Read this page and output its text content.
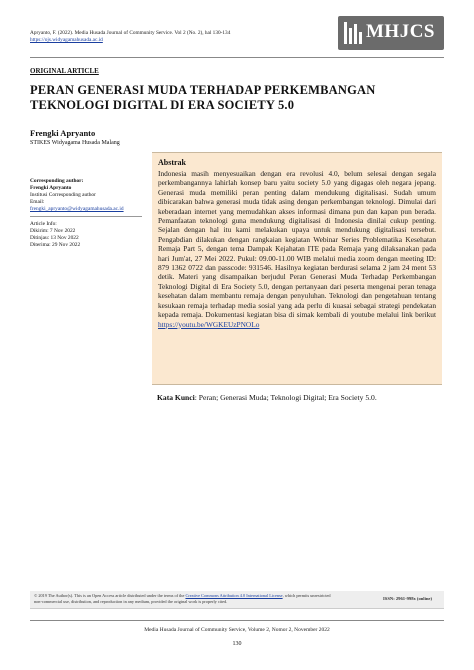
Apryanto, F. (2022). Media Husada Journal of Community Service. Vol 2 (No. 2), hal 130-134
https://ojs.widyagamahusada.ac.id	MHJCS
ORIGINAL ARTICLE
PERAN GENERASI MUDA TERHADAP PERKEMBANGAN TEKNOLOGI DIGITAL DI ERA SOCIETY 5.0
Frengki Apryanto
STIKES Widyagama Husada Malang
Corresponding author:
Frengki Apryanto
Institusi Corresponding author
Email:
frengki_apryanto@widyagamahusada.ac.id
Article Info:
Dikirim: 7 Nov 2022
Ditinjau: 13 Nov 2022
Diterima: 29 Nov 2022
Abstrak
Indonesia masih menyesuaikan dengan era revolusi 4.0, belum selesai dengan segala perkembangannya lahirlah konsep baru yaitu society 5.0 yang digagas oleh negara jepang. Generasi muda memiliki peran penting dalam mendukung digitalisasi. Sudah umum dibicarakan bahwa generasi muda tidak asing dengan perkembangan teknologi. Dimulai dari keberadaan internet yang memudahkan akses informasi dimana pun dan kapan pun berada. Pemanfaatan teknologi guna mendukung digitalisasi di Indonesia dinilai cukup penting. Sejalan dengan hal itu kami melakukan upaya untuk mendukung digitalisasi tersebut. Pengabdian dilakukan dengan rangkaian kegiatan Webinar Series Problematika Kesehatan Remaja Part 5, dengan tema Dampak Kejahatan ITE pada Remaja yang dilaksanakan pada hari Jum'at, 27 Mei 2022. Pukul: 09.00-11.00 WIB melalui media zoom dengan meeting ID: 879 1362 0722 dan passcode: 931546. Hasilnya kegiatan berdurasi selama 2 jam 24 ment 53 detik. Materi yang disampaikan berjudul Peran Generasi Muda Terhadap Perkembangan Teknologi Digital di Era Society 5.0, dengan pertanyaan dari peserta mengenai peran tenaga kesehatan dalam membantu remaja dengan penyuluhan. Teknologi dan pengetahuan tentang kesukaan remaja terhadap media sosial yang ada perlu di kuasai sebagai strategi pendekatan kepada remaja. Dokumentasi kegiatan bisa di simak kembali di youtube melalui link berikut https://youtu.be/WGKEUzPNOLo
Kata Kunci: Peran; Generasi Muda; Teknologi Digital; Era Society 5.0.
© 2019 The Author(s). This is an Open Access article distributed under the terms of the Creative Commons Attribution 4.0 International License, which permits unrestricted non-commercial use, distribution, and reproduction in any medium, provided the original work is properly cited.	ISSN: 2961-998x (online)
Media Husada Journal of Community Service, Volume 2, Nomor 2, November 2022
130
